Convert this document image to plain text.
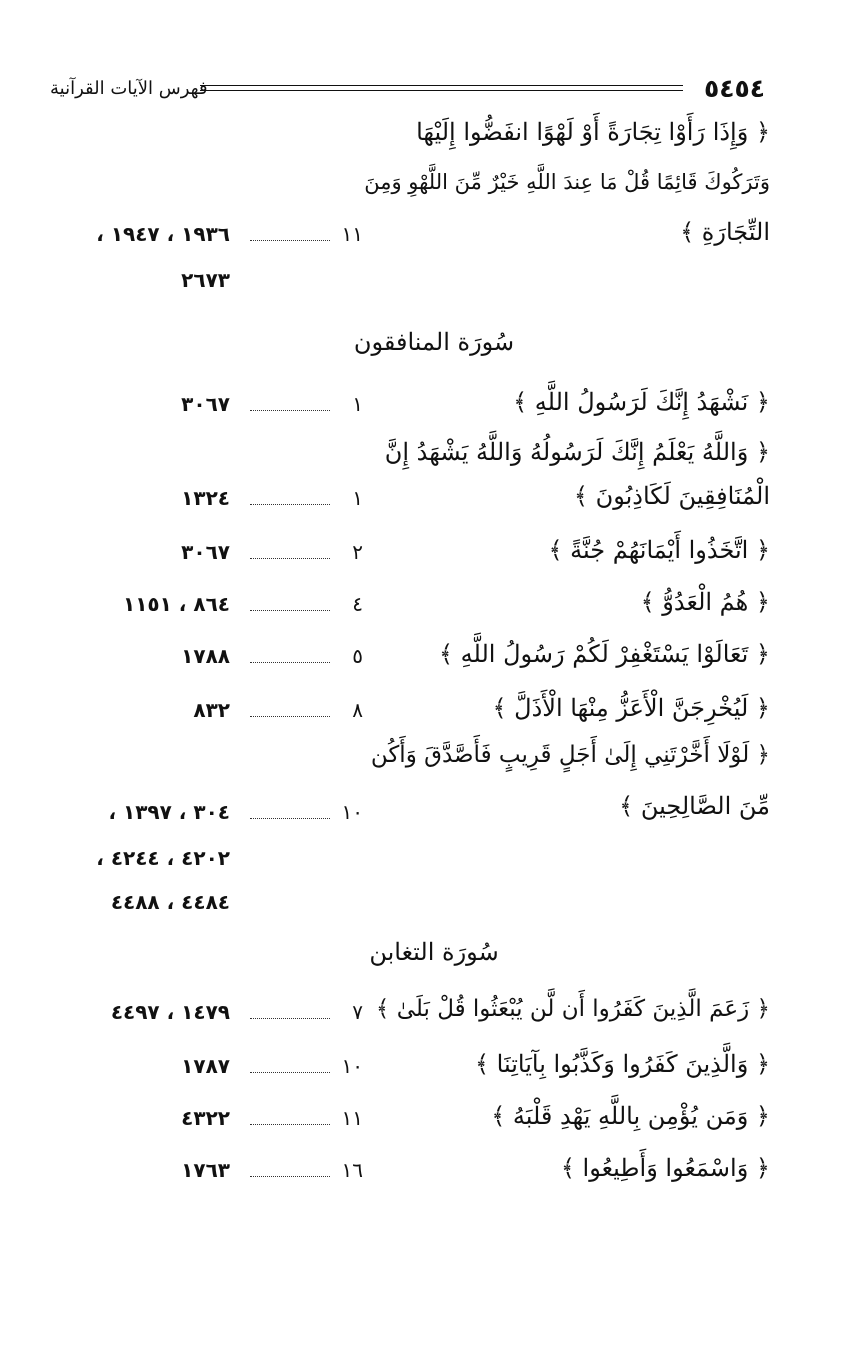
٥٤٥٤
فهرس الآيات القرآنية
﴿ وَإِذَا رَأَوْا تِجَارَةً أَوْ لَهْوًا انفَضُّوا إِلَيْهَا
وَتَرَكُوكَ قَائِمًا قُلْ مَا عِندَ اللَّهِ خَيْرٌ مِّنَ اللَّهْوِ وَمِنَ
التِّجَارَةِ ﴾
١١
١٩٣٦ ، ١٩٤٧ ،
٢٦٧٣
سُورَة المنافقون
﴿ نَشْهَدُ إِنَّكَ لَرَسُولُ اللَّهِ ﴾
١
٣٠٦٧
﴿ وَاللَّهُ يَعْلَمُ إِنَّكَ لَرَسُولُهُ وَاللَّهُ يَشْهَدُ إِنَّ
الْمُنَافِقِينَ لَكَاذِبُونَ ﴾
١
١٣٢٤
﴿ اتَّخَذُوا أَيْمَانَهُمْ جُنَّةً ﴾
٢
٣٠٦٧
﴿ هُمُ الْعَدُوُّ ﴾
٤
٨٦٤ ، ١١٥١
﴿ تَعَالَوْا يَسْتَغْفِرْ لَكُمْ رَسُولُ اللَّهِ ﴾
٥
١٧٨٨
﴿ لَيُخْرِجَنَّ الْأَعَزُّ مِنْهَا الْأَذَلَّ ﴾
٨
٨٣٢
﴿ لَوْلَا أَخَّرْتَنِي إِلَىٰ أَجَلٍ قَرِيبٍ فَأَصَّدَّقَ وَأَكُن
مِّنَ الصَّالِحِينَ ﴾
١٠
٣٠٤ ، ١٣٩٧ ،
٤٢٠٢ ، ٤٢٤٤ ،
٤٤٨٤ ، ٤٤٨٨
سُورَة التغابن
﴿ زَعَمَ الَّذِينَ كَفَرُوا أَن لَّن يُبْعَثُوا قُلْ بَلَىٰ ﴾
٧
١٤٧٩ ، ٤٤٩٧
﴿ وَالَّذِينَ كَفَرُوا وَكَذَّبُوا بِآيَاتِنَا ﴾
١٠
١٧٨٧
﴿ وَمَن يُؤْمِن بِاللَّهِ يَهْدِ قَلْبَهُ ﴾
١١
٤٣٢٢
﴿ وَاسْمَعُوا وَأَطِيعُوا ﴾
١٦
١٧٦٣
